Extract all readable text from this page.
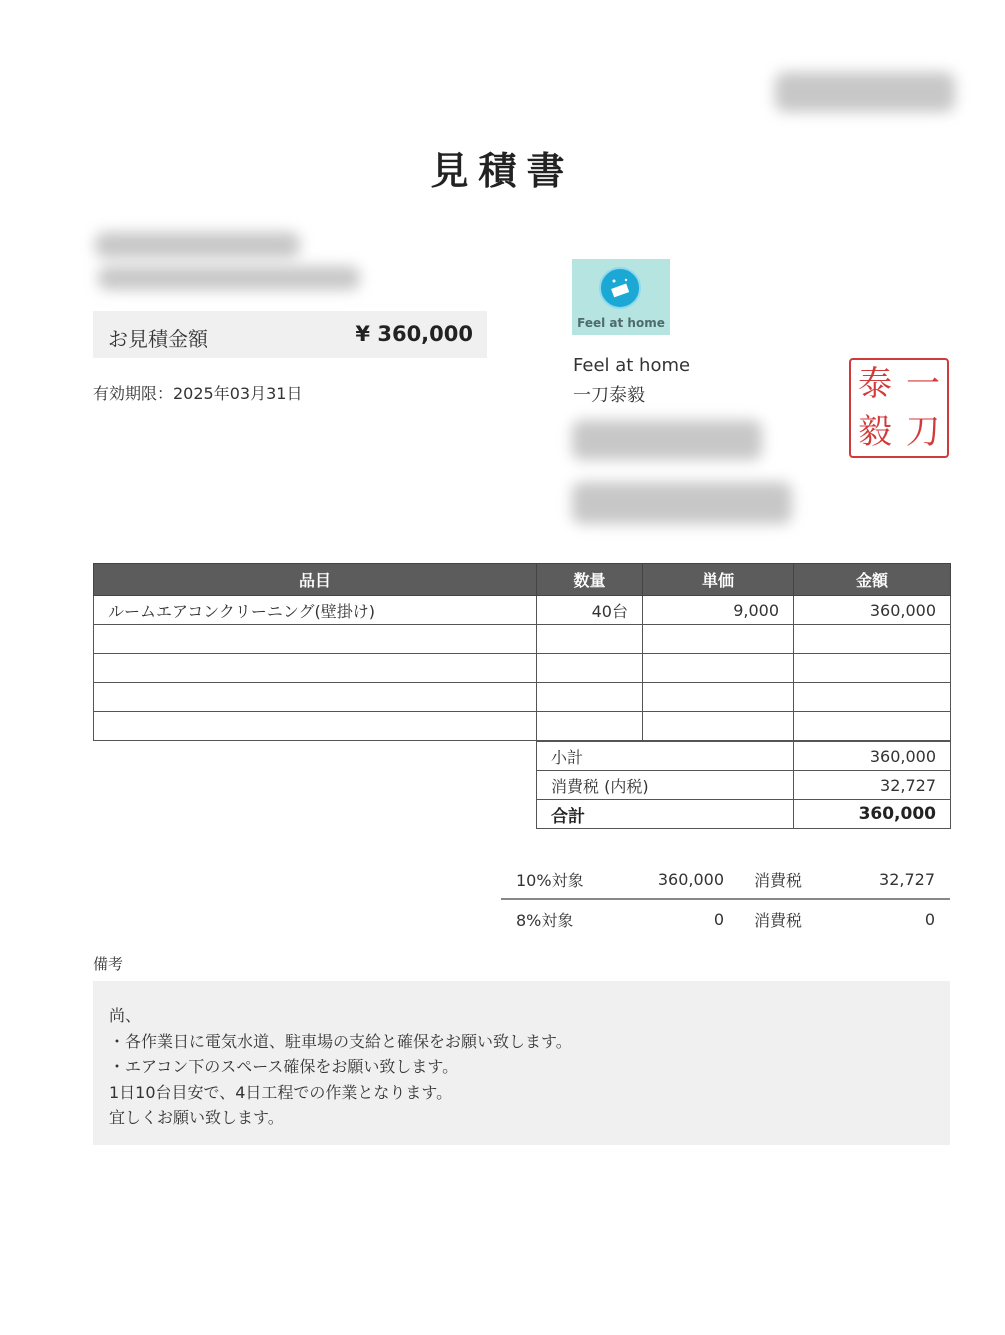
見積書
お見積金額	¥ 360,000
有効期限：2025年03月31日
Feel at home
Feel at home
一刀泰毅	泰 一
毅 刀
品目	数量	単価	金額
ルームエアコンクリーニング(壁掛け)	40台	9,000	360,000

小計	360,000
消費税 (内税)	32,727
合計	360,000
10%対象	360,000	消費税	32,727
8%対象	0	消費税	0
備考
尚、
・各作業日に電気水道、駐車場の支給と確保をお願い致します。
・エアコン下のスペース確保をお願い致します。
1日10台目安で、4日工程での作業となります。
宜しくお願い致します。
